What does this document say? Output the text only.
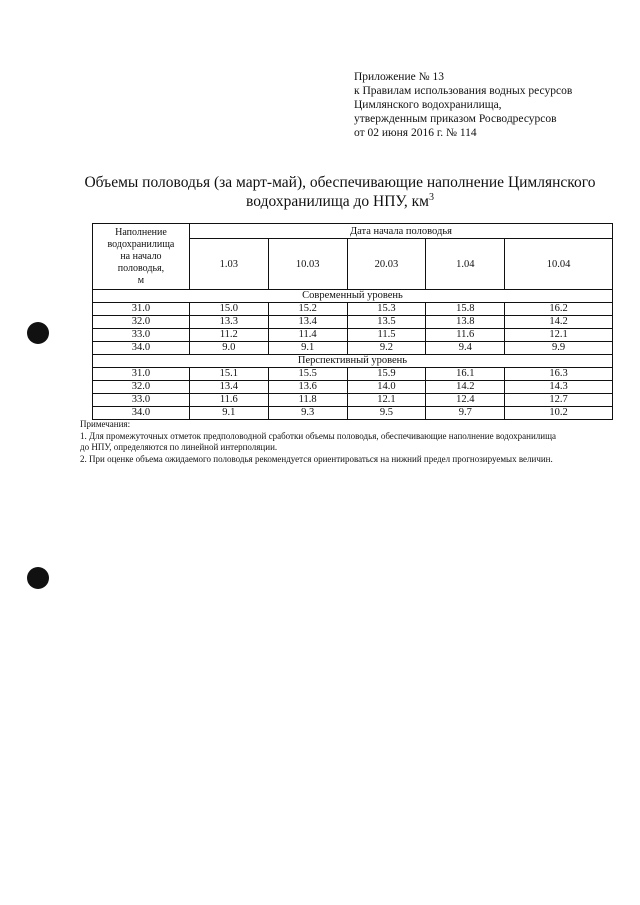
Приложение № 13
к Правилам использования водных ресурсов
Цимлянского водохранилища,
утвержденным приказом Росводресурсов
от 02 июня 2016 г. № 114
Объемы половодья (за март-май), обеспечивающие наполнение Цимлянского
водохранилища до НПУ, $км^3$
Наполнение
водохранилища
на начало
половодья,
м	Дата начала половодья				
	1.03	10.03	20.03	1.04	10.04
Современный уровень					
31.0	15.0	15.2	15.3	15.8	16.2
32.0	13.3	13.4	13.5	13.8	14.2
33.0	11.2	11.4	11.5	11.6	12.1
34.0	9.0	9.1	9.2	9.4	9.9
Перспективный уровень					
31.0	15.1	15.5	15.9	16.1	16.3
32.0	13.4	13.6	14.0	14.2	14.3
33.0	11.6	11.8	12.1	12.4	12.7
34.0	9.1	9.3	9.5	9.7	10.2
Примечания:
1. Для промежуточных отметок предполоводной сработки объемы половодья, обеспечивающие наполнение водохранилища
до НПУ, определяются по линейной интерполяции.
2. При оценке объема ожидаемого половодья рекомендуется ориентироваться на нижний предел прогнозируемых величин.
